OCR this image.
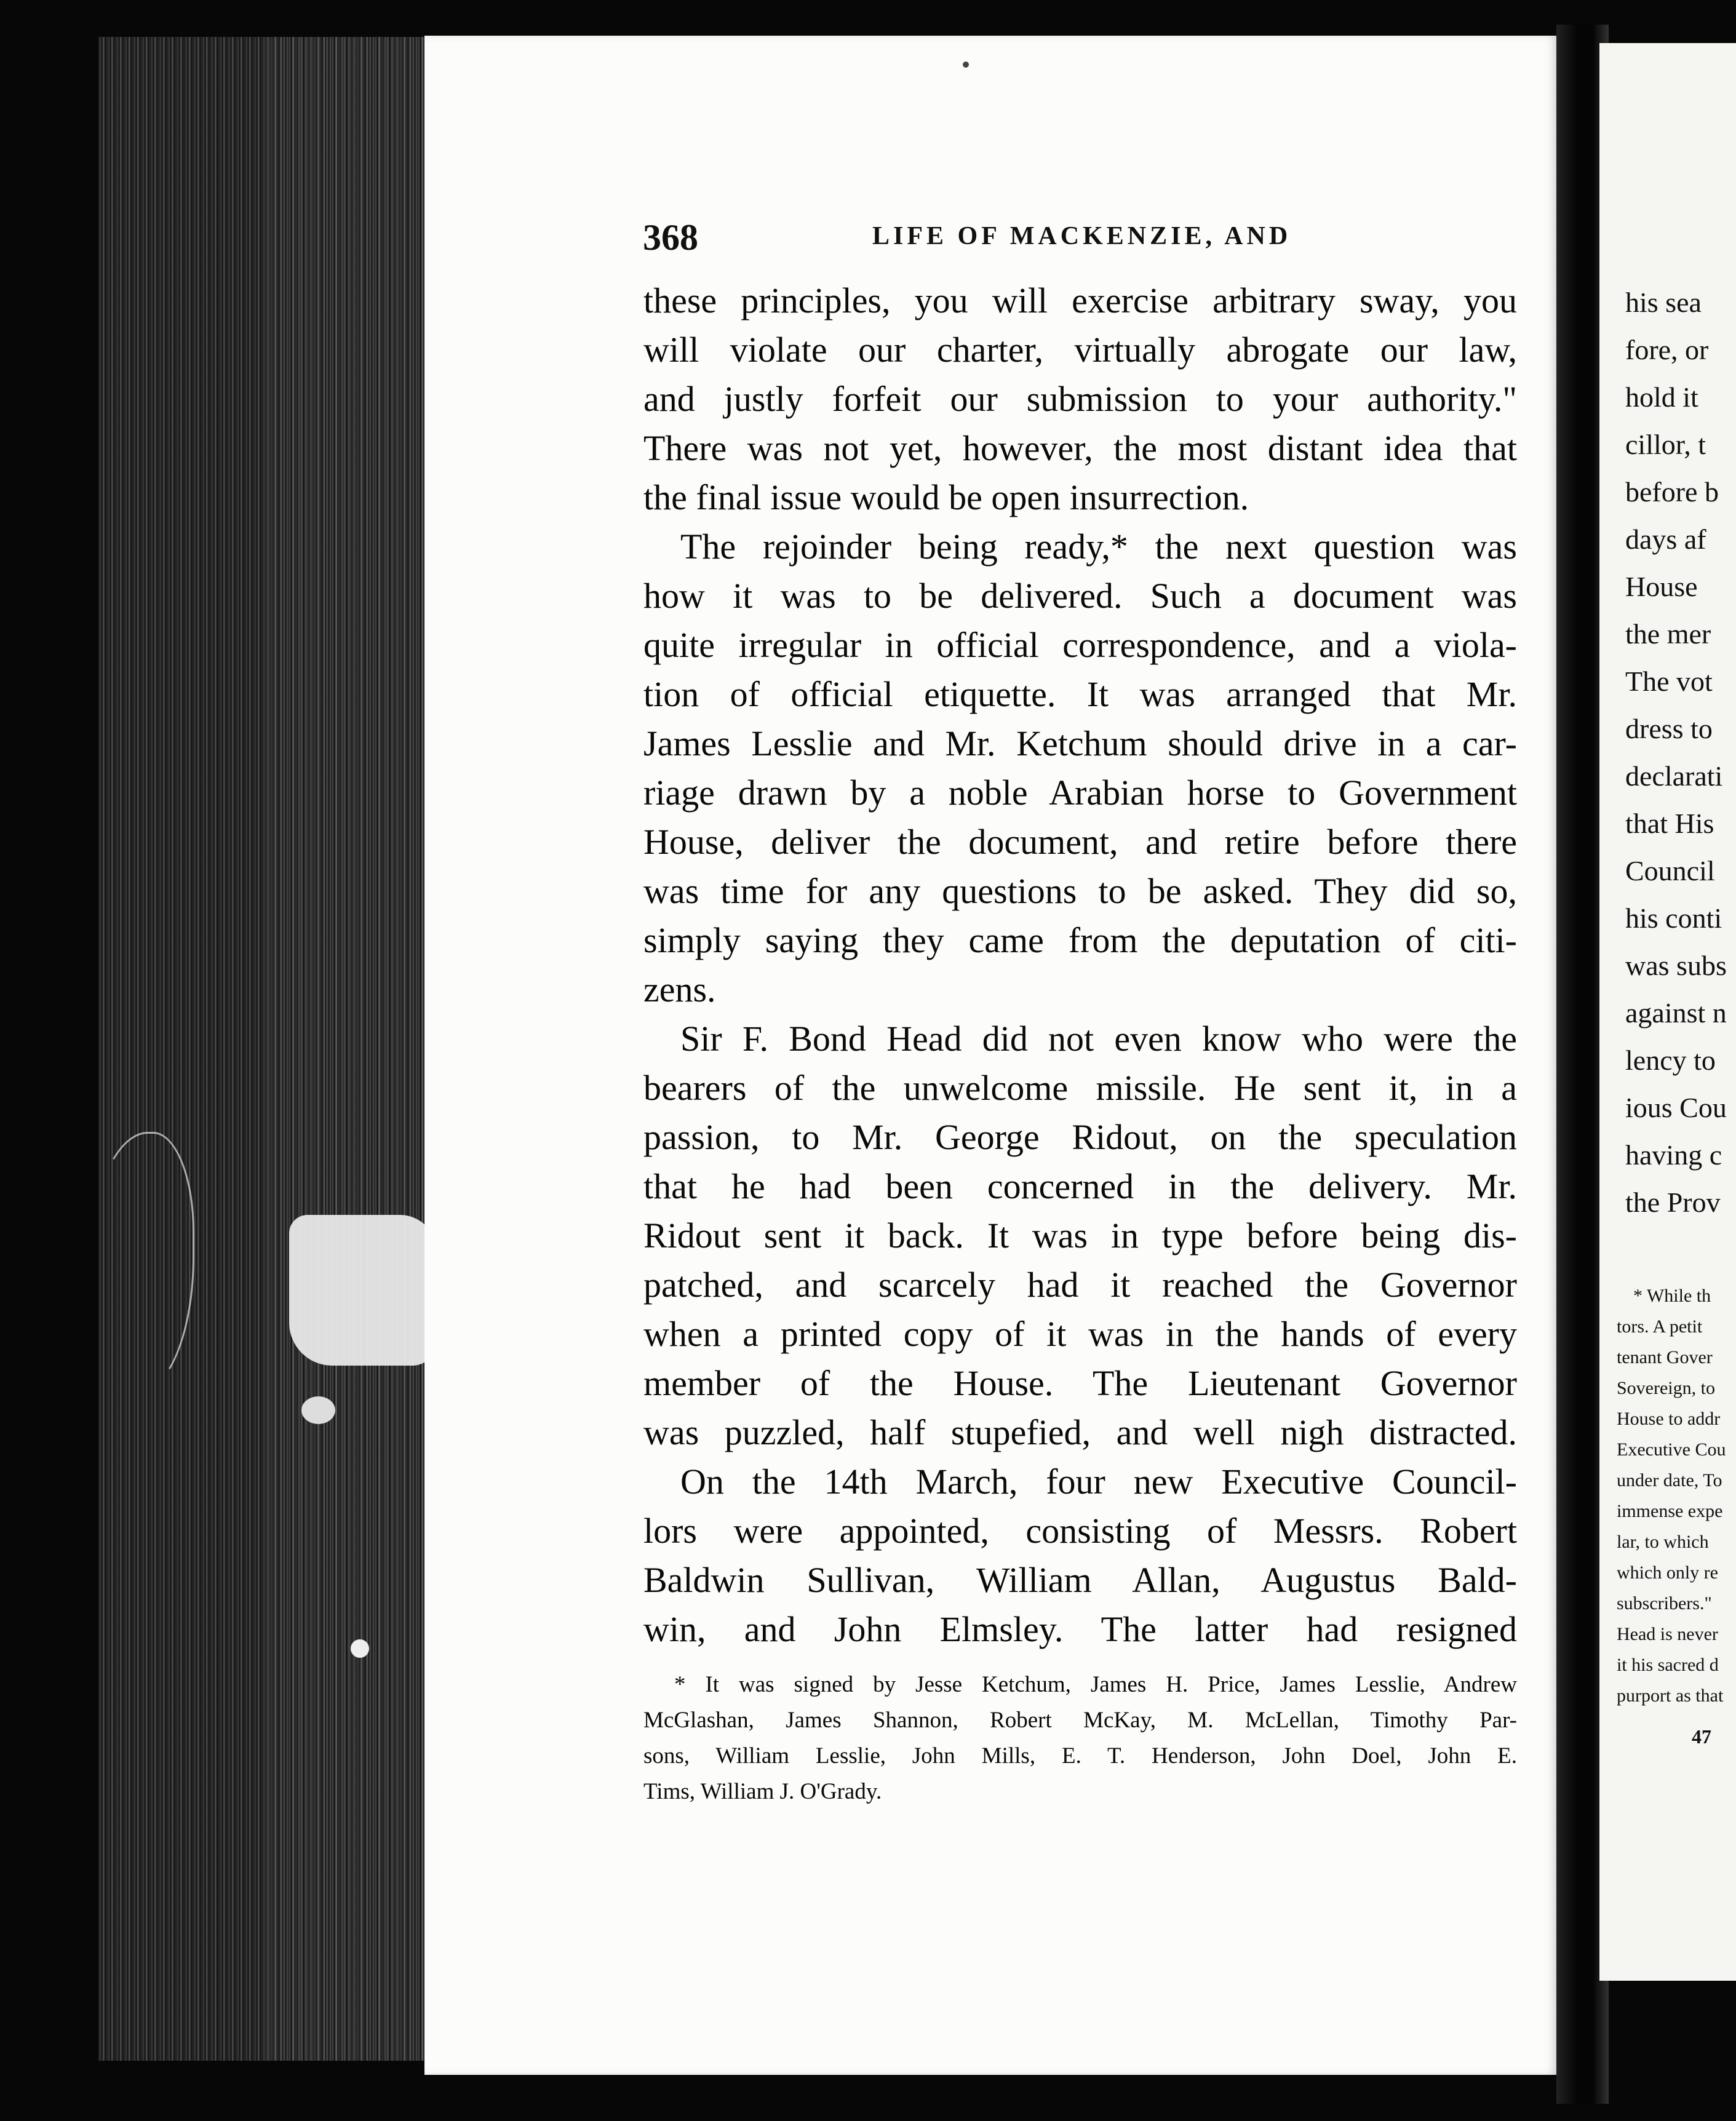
368	LIFE OF MACKENZIE, AND
these principles, you will exercise arbitrary sway, you
will violate our charter, virtually abrogate our law,
and justly forfeit our submission to your authority."
There was not yet, however, the most distant idea that
the final issue would be open insurrection.
The rejoinder being ready,* the next question was
how it was to be delivered. Such a document was
quite irregular in official correspondence, and a viola-
tion of official etiquette. It was arranged that Mr.
James Lesslie and Mr. Ketchum should drive in a car-
riage drawn by a noble Arabian horse to Government
House, deliver the document, and retire before there
was time for any questions to be asked. They did so,
simply saying they came from the deputation of citi-
zens.
Sir F. Bond Head did not even know who were the
bearers of the unwelcome missile. He sent it, in a
passion, to Mr. George Ridout, on the speculation
that he had been concerned in the delivery. Mr.
Ridout sent it back. It was in type before being dis-
patched, and scarcely had it reached the Governor
when a printed copy of it was in the hands of every
member of the House. The Lieutenant Governor
was puzzled, half stupefied, and well nigh distracted.
On the 14th March, four new Executive Council-
lors were appointed, consisting of Messrs. Robert
Baldwin Sullivan, William Allan, Augustus Bald-
win, and John Elmsley. The latter had resigned
* It was signed by Jesse Ketchum, James H. Price, James Lesslie, Andrew
McGlashan, James Shannon, Robert McKay, M. McLellan, Timothy Par-
sons, William Lesslie, John Mills, E. T. Henderson, John Doel, John E.
Tims, William J. O'Grady.
his sea
fore, or
hold it
cillor, t
before b
days af
House
the mer
The vot
dress to
declarati
that His
Council
his conti
was subs
against n
lency to
ious Cou
having c
the Prov
* While th
tors. A petit
tenant Gover
Sovereign, to
House to addr
Executive Cou
under date, To
immense expe
lar, to which
which only re
subscribers."
Head is never
it his sacred d
purport as that
47
